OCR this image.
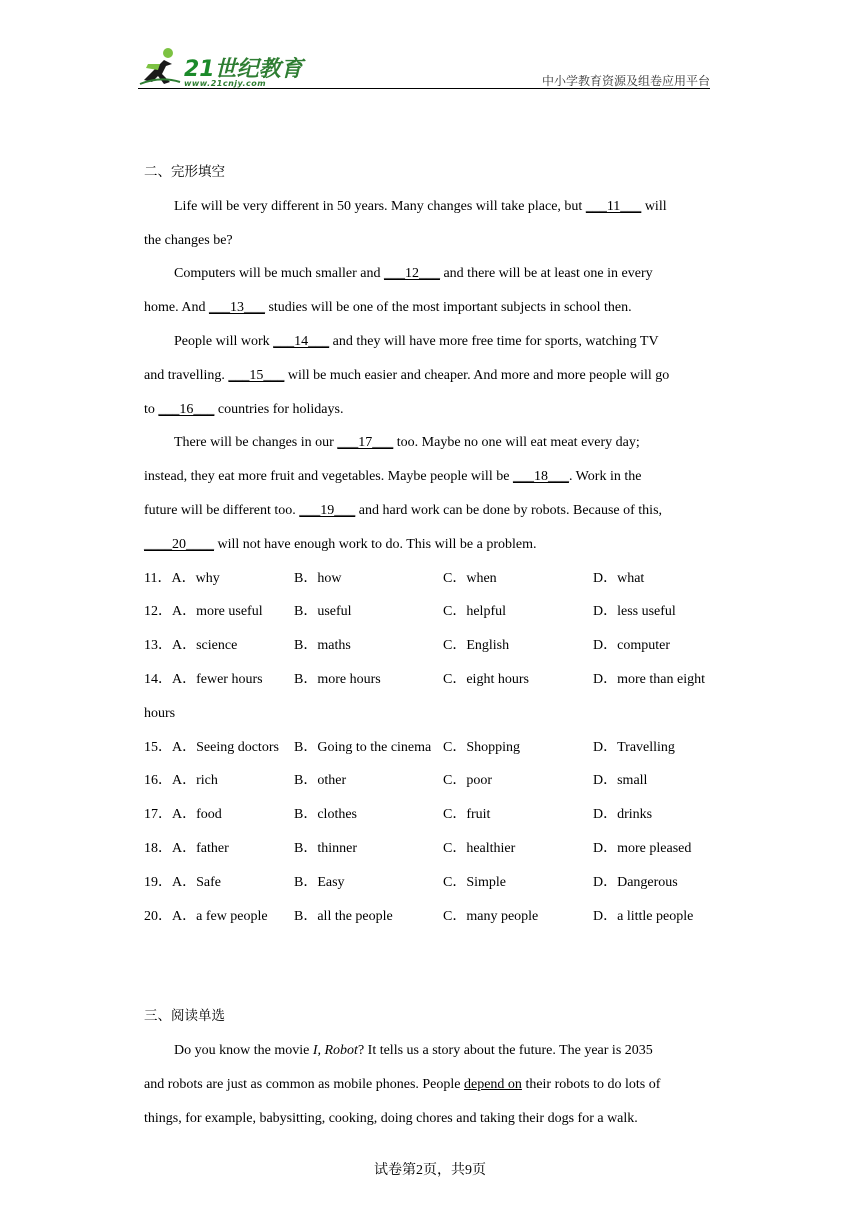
21世纪教育
www.21cnjy.com	中小学教育资源及组卷应用平台
二、完形填空
Life will be very different in 50 years. Many changes will take place, but ___11___ will
the changes be?
Computers will be much smaller and ___12___ and there will be at least one in every
home. And ___13___ studies will be one of the most important subjects in school then.
People will work ___14___ and they will have more free time for sports, watching TV
and travelling. ___15___ will be much easier and cheaper. And more and more people will go
to ___16___ countries for holidays.
There will be changes in our ___17___ too. Maybe no one will eat meat every day;
instead, they eat more fruit and vegetables. Maybe people will be ___18___. Work in the
future will be different too. ___19___ and hard work can be done by robots. Because of this,
____20____ will not have enough work to do. This will be a problem.
11．A．why	B．how	C．when	D．what
12．A．more useful B．useful	C．helpful	D．less useful
13．A．science	B．maths	C．English	D．computer
14．A．fewer hours B．more hours	C．eight hours	D．more than eight
hours
15．A．Seeing doctors B．Going to the cinema C．Shopping	D．Travelling
16．A．rich	B．other	C．poor	D．small
17．A．food	B．clothes	C．fruit	D．drinks
18．A．father	B．thinner	C．healthier	D．more pleased
19．A．Safe	B．Easy	C．Simple	D．Dangerous
20．A．a few people B．all the people	C．many people	D．a little people
三、阅读单选
Do you know the movie I, Robot? It tells us a story about the future. The year is 2035
and robots are just as common as mobile phones. People depend on their robots to do lots of
things, for example, babysitting, cooking, doing chores and taking their dogs for a walk.
试卷第2页，共9页
